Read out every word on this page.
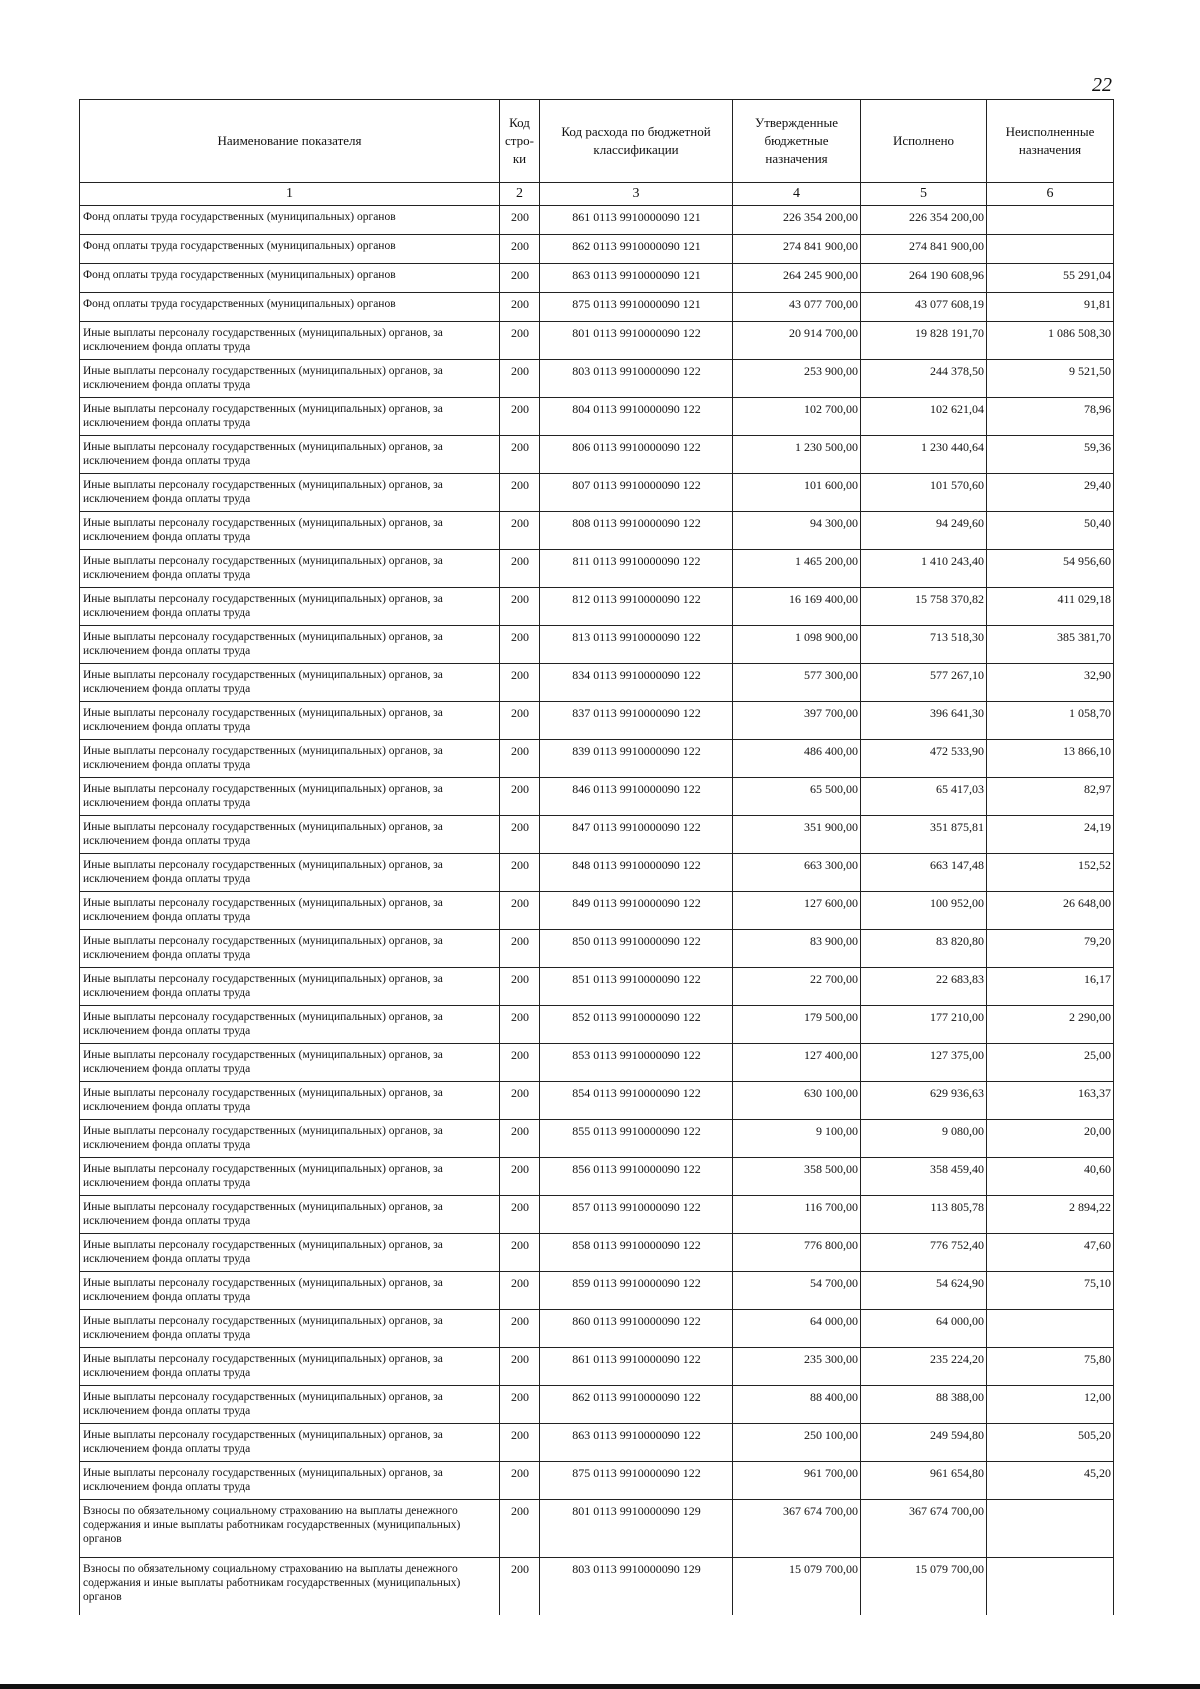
22
Наименование показателя	Код стро-ки	Код расхода по бюджетной классификации	Утвержденные бюджетные назначения	Исполнено	Неисполненные назначения
1	2	3	4	5	6
Фонд оплаты труда государственных (муниципальных) органов	200	861 0113 9910000090 121	226 354 200,00	226 354 200,00	
Фонд оплаты труда государственных (муниципальных) органов	200	862 0113 9910000090 121	274 841 900,00	274 841 900,00	
Фонд оплаты труда государственных (муниципальных) органов	200	863 0113 9910000090 121	264 245 900,00	264 190 608,96	55 291,04
Фонд оплаты труда государственных (муниципальных) органов	200	875 0113 9910000090 121	43 077 700,00	43 077 608,19	91,81
Иные выплаты персоналу государственных (муниципальных) органов, за исключением фонда оплаты труда	200	801 0113 9910000090 122	20 914 700,00	19 828 191,70	1 086 508,30
Иные выплаты персоналу государственных (муниципальных) органов, за исключением фонда оплаты труда	200	803 0113 9910000090 122	253 900,00	244 378,50	9 521,50
Иные выплаты персоналу государственных (муниципальных) органов, за исключением фонда оплаты труда	200	804 0113 9910000090 122	102 700,00	102 621,04	78,96
Иные выплаты персоналу государственных (муниципальных) органов, за исключением фонда оплаты труда	200	806 0113 9910000090 122	1 230 500,00	1 230 440,64	59,36
Иные выплаты персоналу государственных (муниципальных) органов, за исключением фонда оплаты труда	200	807 0113 9910000090 122	101 600,00	101 570,60	29,40
Иные выплаты персоналу государственных (муниципальных) органов, за исключением фонда оплаты труда	200	808 0113 9910000090 122	94 300,00	94 249,60	50,40
Иные выплаты персоналу государственных (муниципальных) органов, за исключением фонда оплаты труда	200	811 0113 9910000090 122	1 465 200,00	1 410 243,40	54 956,60
Иные выплаты персоналу государственных (муниципальных) органов, за исключением фонда оплаты труда	200	812 0113 9910000090 122	16 169 400,00	15 758 370,82	411 029,18
Иные выплаты персоналу государственных (муниципальных) органов, за исключением фонда оплаты труда	200	813 0113 9910000090 122	1 098 900,00	713 518,30	385 381,70
Иные выплаты персоналу государственных (муниципальных) органов, за исключением фонда оплаты труда	200	834 0113 9910000090 122	577 300,00	577 267,10	32,90
Иные выплаты персоналу государственных (муниципальных) органов, за исключением фонда оплаты труда	200	837 0113 9910000090 122	397 700,00	396 641,30	1 058,70
Иные выплаты персоналу государственных (муниципальных) органов, за исключением фонда оплаты труда	200	839 0113 9910000090 122	486 400,00	472 533,90	13 866,10
Иные выплаты персоналу государственных (муниципальных) органов, за исключением фонда оплаты труда	200	846 0113 9910000090 122	65 500,00	65 417,03	82,97
Иные выплаты персоналу государственных (муниципальных) органов, за исключением фонда оплаты труда	200	847 0113 9910000090 122	351 900,00	351 875,81	24,19
Иные выплаты персоналу государственных (муниципальных) органов, за исключением фонда оплаты труда	200	848 0113 9910000090 122	663 300,00	663 147,48	152,52
Иные выплаты персоналу государственных (муниципальных) органов, за исключением фонда оплаты труда	200	849 0113 9910000090 122	127 600,00	100 952,00	26 648,00
Иные выплаты персоналу государственных (муниципальных) органов, за исключением фонда оплаты труда	200	850 0113 9910000090 122	83 900,00	83 820,80	79,20
Иные выплаты персоналу государственных (муниципальных) органов, за исключением фонда оплаты труда	200	851 0113 9910000090 122	22 700,00	22 683,83	16,17
Иные выплаты персоналу государственных (муниципальных) органов, за исключением фонда оплаты труда	200	852 0113 9910000090 122	179 500,00	177 210,00	2 290,00
Иные выплаты персоналу государственных (муниципальных) органов, за исключением фонда оплаты труда	200	853 0113 9910000090 122	127 400,00	127 375,00	25,00
Иные выплаты персоналу государственных (муниципальных) органов, за исключением фонда оплаты труда	200	854 0113 9910000090 122	630 100,00	629 936,63	163,37
Иные выплаты персоналу государственных (муниципальных) органов, за исключением фонда оплаты труда	200	855 0113 9910000090 122	9 100,00	9 080,00	20,00
Иные выплаты персоналу государственных (муниципальных) органов, за исключением фонда оплаты труда	200	856 0113 9910000090 122	358 500,00	358 459,40	40,60
Иные выплаты персоналу государственных (муниципальных) органов, за исключением фонда оплаты труда	200	857 0113 9910000090 122	116 700,00	113 805,78	2 894,22
Иные выплаты персоналу государственных (муниципальных) органов, за исключением фонда оплаты труда	200	858 0113 9910000090 122	776 800,00	776 752,40	47,60
Иные выплаты персоналу государственных (муниципальных) органов, за исключением фонда оплаты труда	200	859 0113 9910000090 122	54 700,00	54 624,90	75,10
Иные выплаты персоналу государственных (муниципальных) органов, за исключением фонда оплаты труда	200	860 0113 9910000090 122	64 000,00	64 000,00	
Иные выплаты персоналу государственных (муниципальных) органов, за исключением фонда оплаты труда	200	861 0113 9910000090 122	235 300,00	235 224,20	75,80
Иные выплаты персоналу государственных (муниципальных) органов, за исключением фонда оплаты труда	200	862 0113 9910000090 122	88 400,00	88 388,00	12,00
Иные выплаты персоналу государственных (муниципальных) органов, за исключением фонда оплаты труда	200	863 0113 9910000090 122	250 100,00	249 594,80	505,20
Иные выплаты персоналу государственных (муниципальных) органов, за исключением фонда оплаты труда	200	875 0113 9910000090 122	961 700,00	961 654,80	45,20
Взносы по обязательному социальному страхованию на выплаты денежного содержания и иные выплаты работникам государственных (муниципальных) органов	200	801 0113 9910000090 129	367 674 700,00	367 674 700,00	
Взносы по обязательному социальному страхованию на выплаты денежного содержания и иные выплаты работникам государственных (муниципальных) органов	200	803 0113 9910000090 129	15 079 700,00	15 079 700,00	
